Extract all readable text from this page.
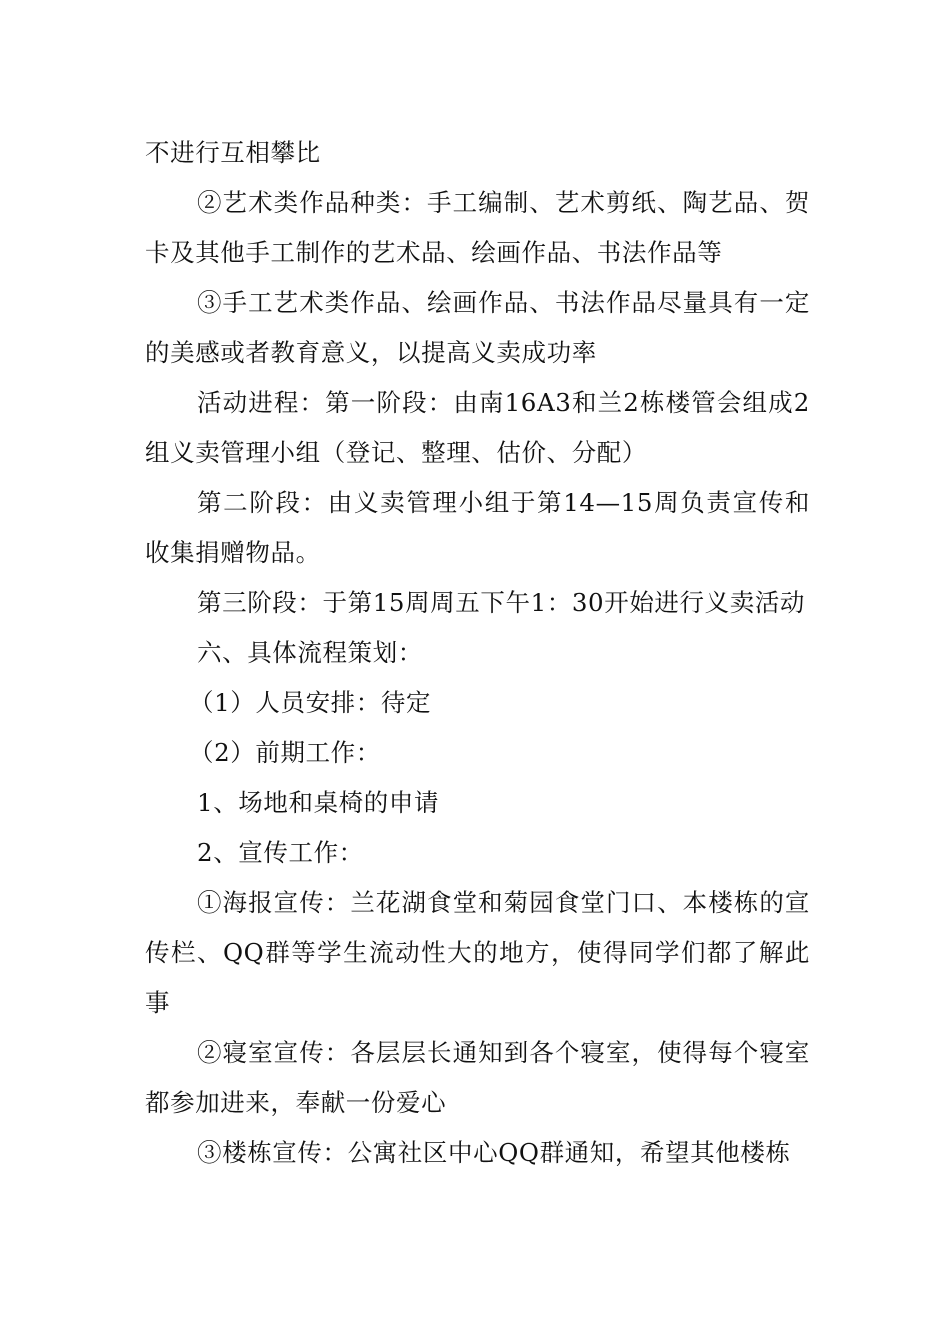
不进行互相攀比

②艺术类作品种类：手工编制、艺术剪纸、陶艺品、贺卡及其他手工制作的艺术品、绘画作品、书法作品等

③手工艺术类作品、绘画作品、书法作品尽量具有一定的美感或者教育意义，以提高义卖成功率

活动进程：第一阶段：由南16A3和兰2栋楼管会组成2组义卖管理小组（登记、整理、估价、分配）

第二阶段：由义卖管理小组于第14—15周负责宣传和收集捐赠物品。

第三阶段：于第15周周五下午1：30开始进行义卖活动

六、具体流程策划：

（1）人员安排：待定

（2）前期工作：

1、场地和桌椅的申请

2、宣传工作：

①海报宣传：兰花湖食堂和菊园食堂门口、本楼栋的宣传栏、QQ群等学生流动性大的地方，使得同学们都了解此事

②寝室宣传：各层层长通知到各个寝室，使得每个寝室都参加进来，奉献一份爱心

③楼栋宣传：公寓社区中心QQ群通知，希望其他楼栋
